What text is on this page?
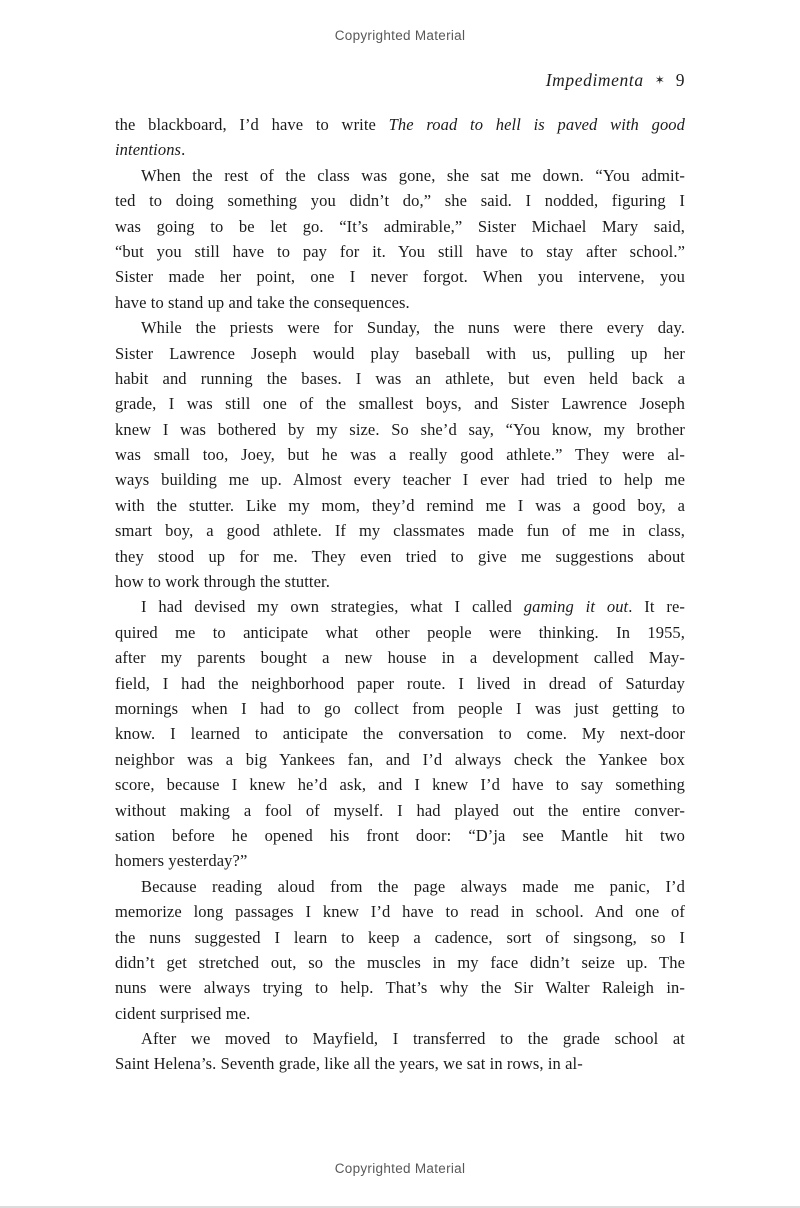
Copyrighted Material
Impedimenta ✶ 9
the blackboard, I’d have to write The road to hell is paved with good
intentions.
When the rest of the class was gone, she sat me down. “You admit-
ted to doing something you didn’t do,” she said. I nodded, figuring I
was going to be let go. “It’s admirable,” Sister Michael Mary said,
“but you still have to pay for it. You still have to stay after school.”
Sister made her point, one I never forgot. When you intervene, you
have to stand up and take the consequences.
While the priests were for Sunday, the nuns were there every day.
Sister Lawrence Joseph would play baseball with us, pulling up her
habit and running the bases. I was an athlete, but even held back a
grade, I was still one of the smallest boys, and Sister Lawrence Joseph
knew I was bothered by my size. So she’d say, “You know, my brother
was small too, Joey, but he was a really good athlete.” They were al-
ways building me up. Almost every teacher I ever had tried to help me
with the stutter. Like my mom, they’d remind me I was a good boy, a
smart boy, a good athlete. If my classmates made fun of me in class,
they stood up for me. They even tried to give me suggestions about
how to work through the stutter.
I had devised my own strategies, what I called gaming it out. It re-
quired me to anticipate what other people were thinking. In 1955,
after my parents bought a new house in a development called May-
field, I had the neighborhood paper route. I lived in dread of Saturday
mornings when I had to go collect from people I was just getting to
know. I learned to anticipate the conversation to come. My next-door
neighbor was a big Yankees fan, and I’d always check the Yankee box
score, because I knew he’d ask, and I knew I’d have to say something
without making a fool of myself. I had played out the entire conver-
sation before he opened his front door: “D’ja see Mantle hit two
homers yesterday?”
Because reading aloud from the page always made me panic, I’d
memorize long passages I knew I’d have to read in school. And one of
the nuns suggested I learn to keep a cadence, sort of singsong, so I
didn’t get stretched out, so the muscles in my face didn’t seize up. The
nuns were always trying to help. That’s why the Sir Walter Raleigh in-
cident surprised me.
After we moved to Mayfield, I transferred to the grade school at
Saint Helena’s. Seventh grade, like all the years, we sat in rows, in al-
Copyrighted Material
